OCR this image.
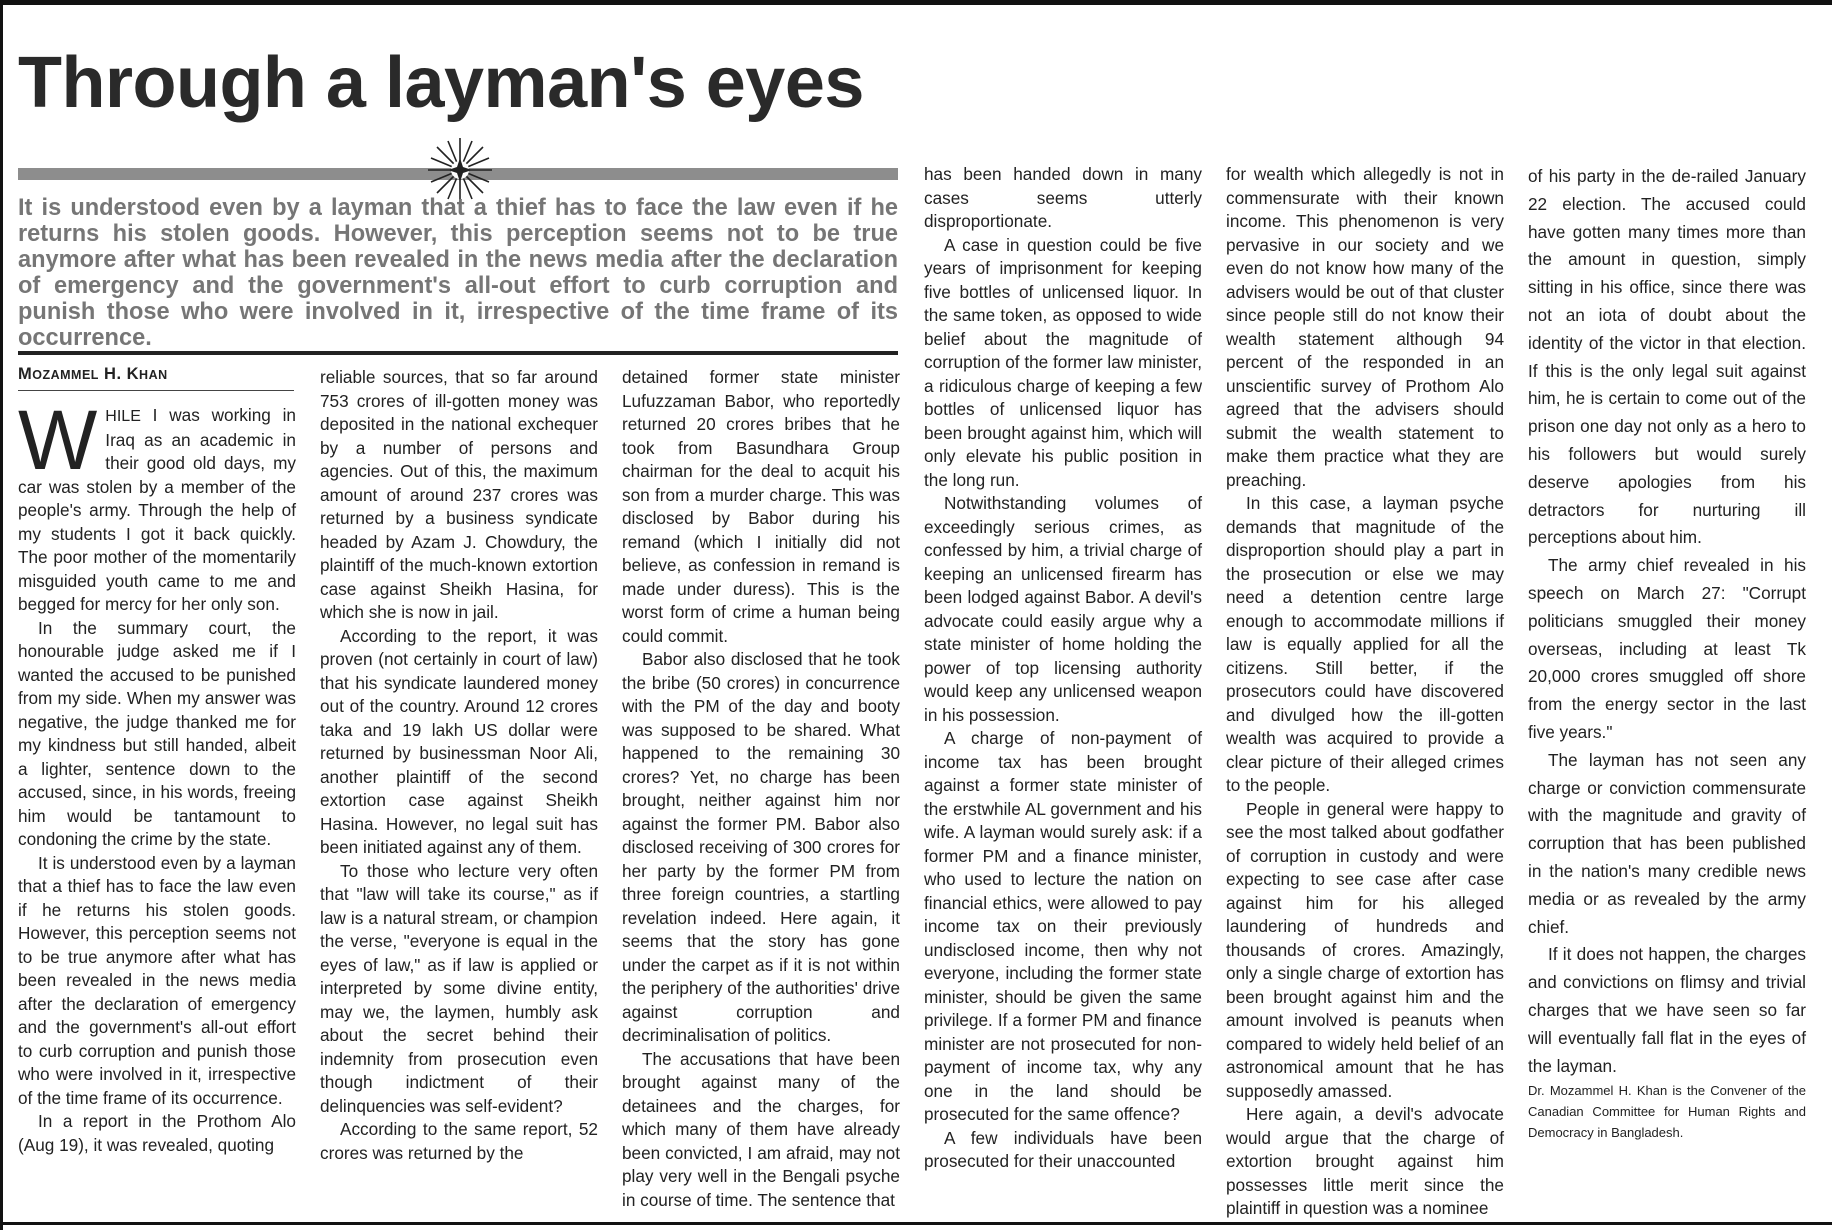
Through a layman's eyes

It is understood even by a layman that a thief has to face the law even if he returns his stolen goods. However, this perception seems not to be true anymore after what has been revealed in the news media after the declaration of emergency and the government's all-out effort to curb corruption and punish those who were involved in it, irrespective of the time frame of its occurrence.

MOZAMMEL H. KHAN

WHILE I was working in Iraq as an academic in their good old days, my car was stolen by a member of the people's army. Through the help of my students I got it back quickly. The poor mother of the momentarily misguided youth came to me and begged for mercy for her only son.

In the summary court, the honourable judge asked me if I wanted the accused to be punished from my side. When my answer was negative, the judge thanked me for my kindness but still handed, albeit a lighter, sentence down to the accused, since, in his words, freeing him would be tantamount to condoning the crime by the state.

It is understood even by a layman that a thief has to face the law even if he returns his stolen goods. However, this perception seems not to be true anymore after what has been revealed in the news media after the declaration of emergency and the government's all-out effort to curb corruption and punish those who were involved in it, irrespective of the time frame of its occurrence.

In a report in the Prothom Alo (Aug 19), it was revealed, quoting

reliable sources, that so far around 753 crores of ill-gotten money was deposited in the national exchequer by a number of persons and agencies. Out of this, the maximum amount of around 237 crores was returned by a business syndicate headed by Azam J. Chowdury, the plaintiff of the much-known extortion case against Sheikh Hasina, for which she is now in jail.

According to the report, it was proven (not certainly in court of law) that his syndicate laundered money out of the country. Around 12 crores taka and 19 lakh US dollar were returned by businessman Noor Ali, another plaintiff of the second extortion case against Sheikh Hasina. However, no legal suit has been initiated against any of them.

To those who lecture very often that "law will take its course," as if law is a natural stream, or champion the verse, "everyone is equal in the eyes of law," as if law is applied or interpreted by some divine entity, may we, the laymen, humbly ask about the secret behind their indemnity from prosecution even though indictment of their delinquencies was self-evident?

According to the same report, 52 crores was returned by the

detained former state minister Lufuzzaman Babor, who reportedly returned 20 crores bribes that he took from Basundhara Group chairman for the deal to acquit his son from a murder charge. This was disclosed by Babor during his remand (which I initially did not believe, as confession in remand is made under duress). This is the worst form of crime a human being could commit.

Babor also disclosed that he took the bribe (50 crores) in concurrence with the PM of the day and booty was supposed to be shared. What happened to the remaining 30 crores? Yet, no charge has been brought, neither against him nor against the former PM. Babor also disclosed receiving of 300 crores for her party by the former PM from three foreign countries, a startling revelation indeed. Here again, it seems that the story has gone under the carpet as if it is not within the periphery of the authorities' drive against corruption and decriminalisation of politics.

The accusations that have been brought against many of the detainees and the charges, for which many of them have already been convicted, I am afraid, may not play very well in the Bengali psyche in course of time. The sentence that

has been handed down in many cases seems utterly disproportionate.

A case in question could be five years of imprisonment for keeping five bottles of unlicensed liquor. In the same token, as opposed to wide belief about the magnitude of corruption of the former law minister, a ridiculous charge of keeping a few bottles of unlicensed liquor has been brought against him, which will only elevate his public position in the long run.

Notwithstanding volumes of exceedingly serious crimes, as confessed by him, a trivial charge of keeping an unlicensed firearm has been lodged against Babor. A devil's advocate could easily argue why a state minister of home holding the power of top licensing authority would keep any unlicensed weapon in his possession.

A charge of non-payment of income tax has been brought against a former state minister of the erstwhile AL government and his wife. A layman would surely ask: if a former PM and a finance minister, who used to lecture the nation on financial ethics, were allowed to pay income tax on their previously undisclosed income, then why not everyone, including the former state minister, should be given the same privilege. If a former PM and finance minister are not prosecuted for non-payment of income tax, why any one in the land should be prosecuted for the same offence?

A few individuals have been prosecuted for their unaccounted

for wealth which allegedly is not in commensurate with their known income. This phenomenon is very pervasive in our society and we even do not know how many of the advisers would be out of that cluster since people still do not know their wealth statement although 94 percent of the responded in an unscientific survey of Prothom Alo agreed that the advisers should submit the wealth statement to make them practice what they are preaching.

In this case, a layman psyche demands that magnitude of the disproportion should play a part in the prosecution or else we may need a detention centre large enough to accommodate millions if law is equally applied for all the citizens. Still better, if the prosecutors could have discovered and divulged how the ill-gotten wealth was acquired to provide a clear picture of their alleged crimes to the people.

People in general were happy to see the most talked about godfather of corruption in custody and were expecting to see case after case against him for his alleged laundering of hundreds and thousands of crores. Amazingly, only a single charge of extortion has been brought against him and the amount involved is peanuts when compared to widely held belief of an astronomical amount that he has supposedly amassed.

Here again, a devil's advocate would argue that the charge of extortion brought against him possesses little merit since the plaintiff in question was a nominee

of his party in the de-railed January 22 election. The accused could have gotten many times more than the amount in question, simply sitting in his office, since there was not an iota of doubt about the identity of the victor in that election. If this is the only legal suit against him, he is certain to come out of the prison one day not only as a hero to his followers but would surely deserve apologies from his detractors for nurturing ill perceptions about him.

The army chief revealed in his speech on March 27: "Corrupt politicians smuggled their money overseas, including at least Tk 20,000 crores smuggled off shore from the energy sector in the last five years."

The layman has not seen any charge or conviction commensurate with the magnitude and gravity of corruption that has been published in the nation's many credible news media or as revealed by the army chief.

If it does not happen, the charges and convictions on flimsy and trivial charges that we have seen so far will eventually fall flat in the eyes of the layman.

Dr. Mozammel H. Khan is the Convener of the Canadian Committee for Human Rights and Democracy in Bangladesh.
